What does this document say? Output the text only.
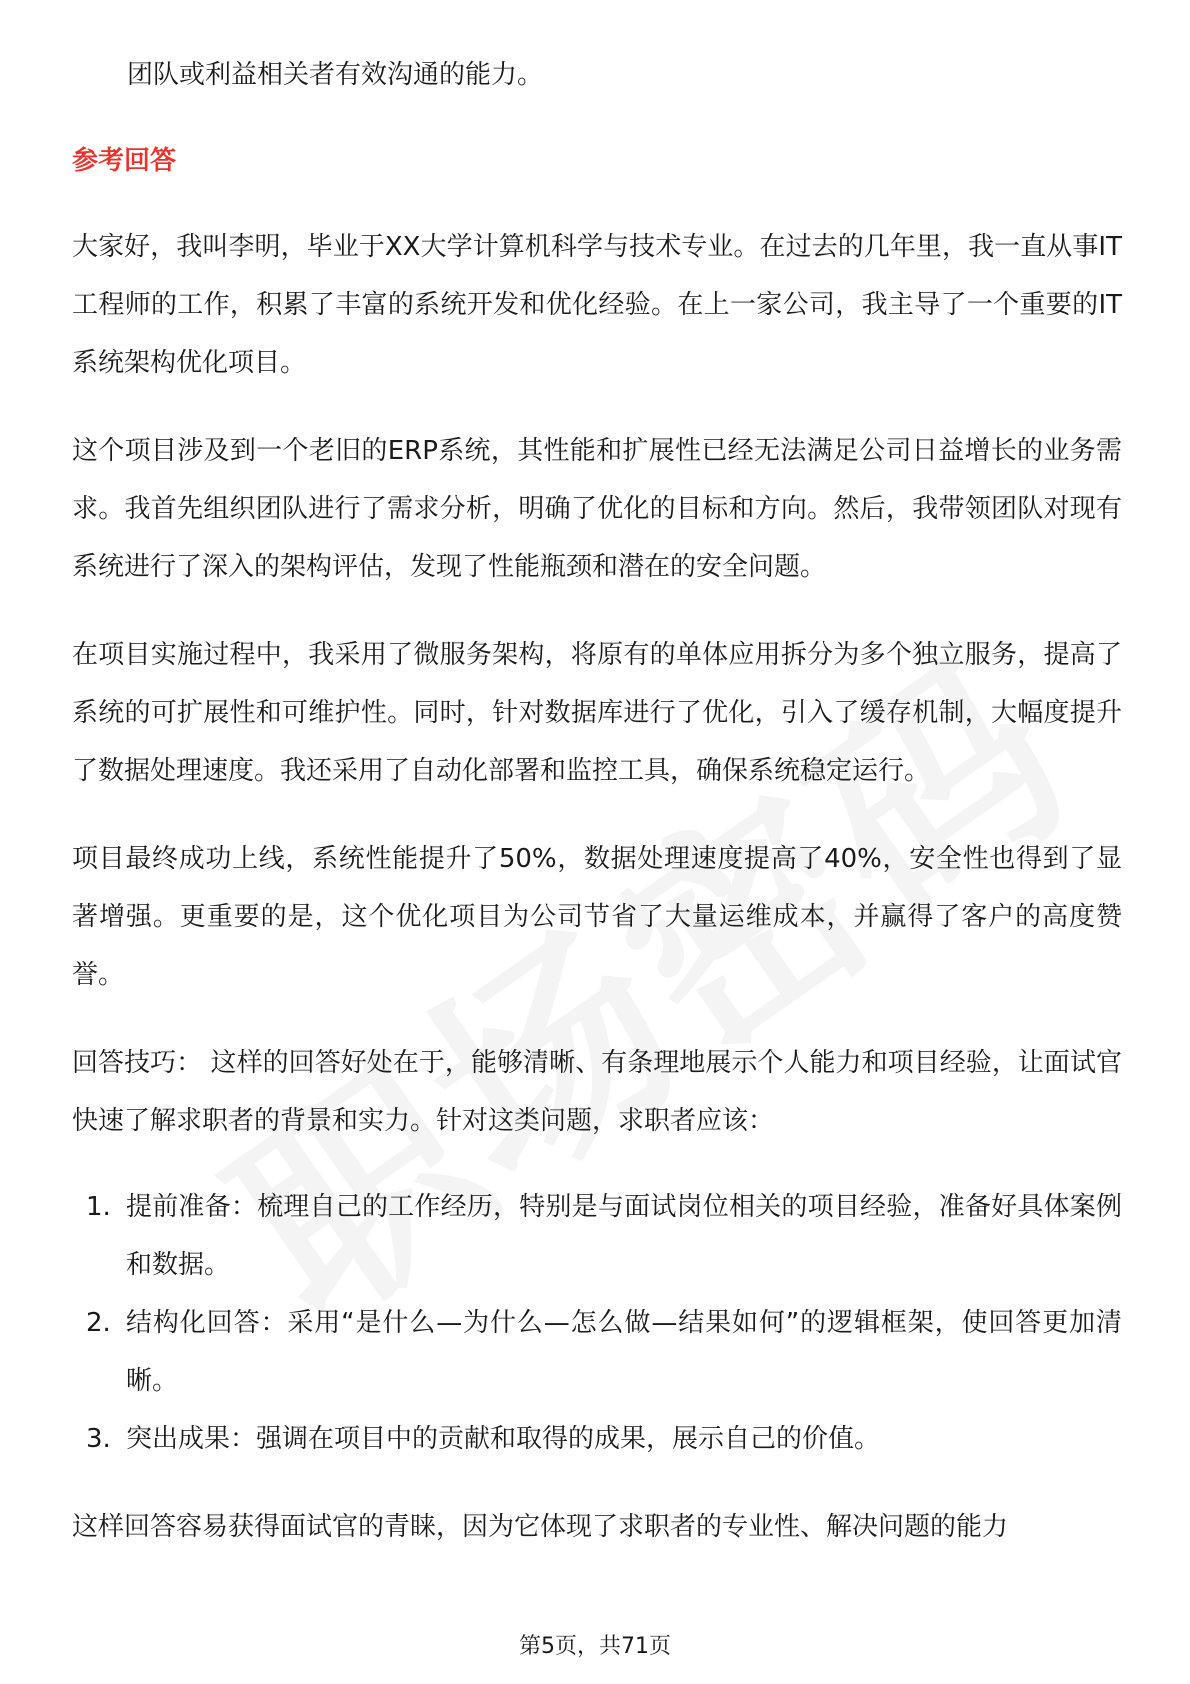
团队或利益相关者有效沟通的能力。

参考回答

大家好，我叫李明，毕业于XX大学计算机科学与技术专业。在过去的几年里，我一直从事IT工程师的工作，积累了丰富的系统开发和优化经验。在上一家公司，我主导了一个重要的IT系统架构优化项目。

这个项目涉及到一个老旧的ERP系统，其性能和扩展性已经无法满足公司日益增长的业务需求。我首先组织团队进行了需求分析，明确了优化的目标和方向。然后，我带领团队对现有系统进行了深入的架构评估，发现了性能瓶颈和潜在的安全问题。

在项目实施过程中，我采用了微服务架构，将原有的单体应用拆分为多个独立服务，提高了系统的可扩展性和可维护性。同时，针对数据库进行了优化，引入了缓存机制，大幅度提升了数据处理速度。我还采用了自动化部署和监控工具，确保系统稳定运行。

项目最终成功上线，系统性能提升了50%，数据处理速度提高了40%，安全性也得到了显著增强。更重要的是，这个优化项目为公司节省了大量运维成本，并赢得了客户的高度赞誉。

回答技巧： 这样的回答好处在于，能够清晰、有条理地展示个人能力和项目经验，让面试官快速了解求职者的背景和实力。针对这类问题，求职者应该：

1. 提前准备：梳理自己的工作经历，特别是与面试岗位相关的项目经验，准备好具体案例和数据。
2. 结构化回答：采用“是什么—为什么—怎么做—结果如何”的逻辑框架，使回答更加清晰。
3. 突出成果：强调在项目中的贡献和取得的成果，展示自己的价值。

这样回答容易获得面试官的青睐，因为它体现了求职者的专业性、解决问题的能力

第5页，共71页
